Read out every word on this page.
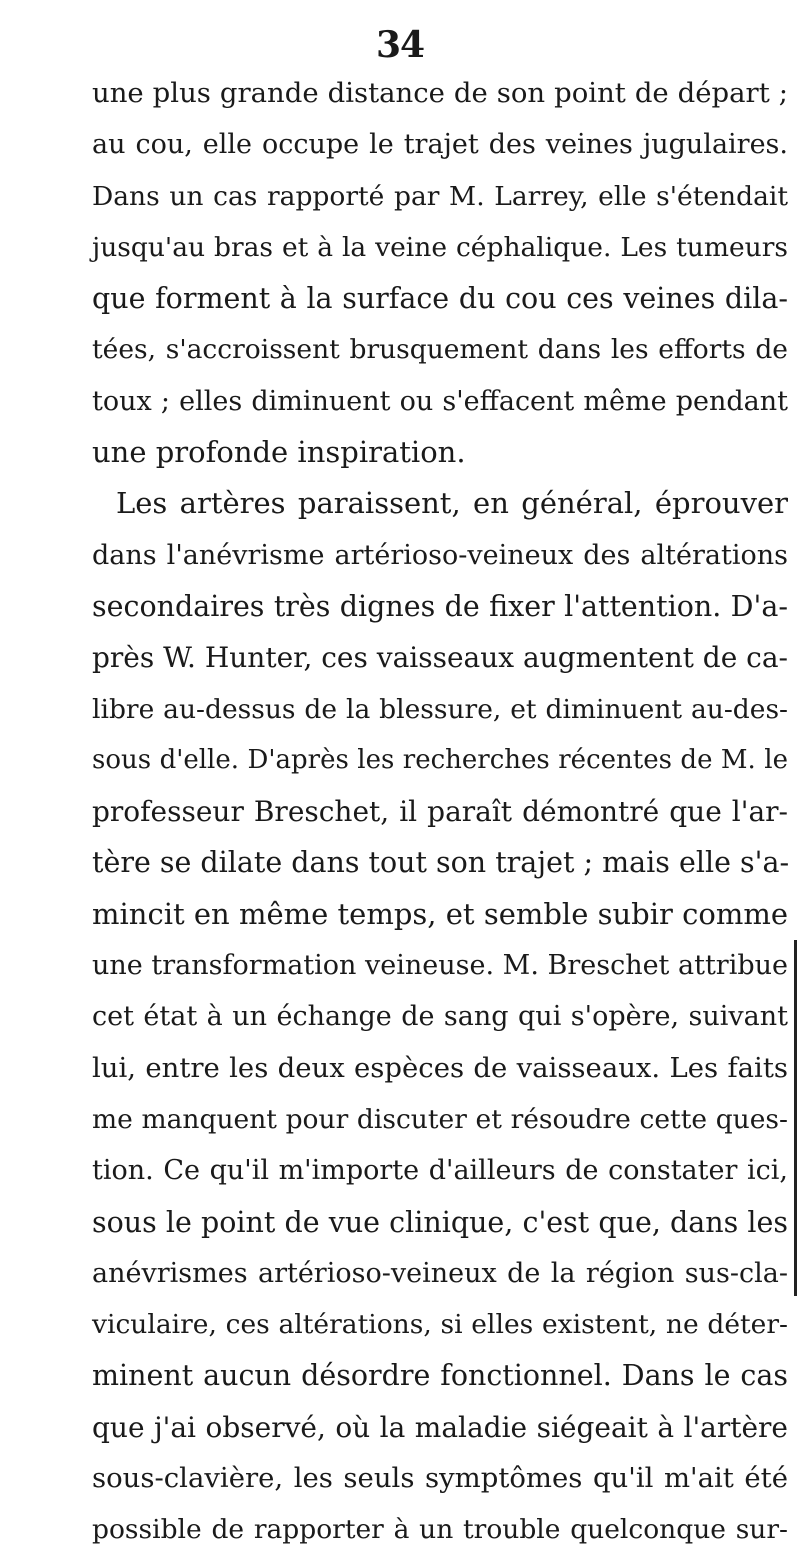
34
une plus grande distance de son point de départ ;
au cou, elle occupe le trajet des veines jugulaires.
Dans un cas rapporté par M. Larrey, elle s'étendait
jusqu'au bras et à la veine céphalique. Les tumeurs
que forment à la surface du cou ces veines dila-
tées, s'accroissent brusquement dans les efforts de
toux ; elles diminuent ou s'effacent même pendant
une profonde inspiration.
Les artères paraissent, en général, éprouver
dans l'anévrisme artérioso-veineux des altérations
secondaires très dignes de fixer l'attention. D'a-
près W. Hunter, ces vaisseaux augmentent de ca-
libre au-dessus de la blessure, et diminuent au-des-
sous d'elle. D'après les recherches récentes de M. le
professeur Breschet, il paraît démontré que l'ar-
tère se dilate dans tout son trajet ; mais elle s'a-
mincit en même temps, et semble subir comme
une transformation veineuse. M. Breschet attribue
cet état à un échange de sang qui s'opère, suivant
lui, entre les deux espèces de vaisseaux. Les faits
me manquent pour discuter et résoudre cette ques-
tion. Ce qu'il m'importe d'ailleurs de constater ici,
sous le point de vue clinique, c'est que, dans les
anévrismes artérioso-veineux de la région sus-cla-
viculaire, ces altérations, si elles existent, ne déter-
minent aucun désordre fonctionnel. Dans le cas
que j'ai observé, où la maladie siégeait à l'artère
sous-clavière, les seuls symptômes qu'il m'ait été
possible de rapporter à un trouble quelconque sur-
